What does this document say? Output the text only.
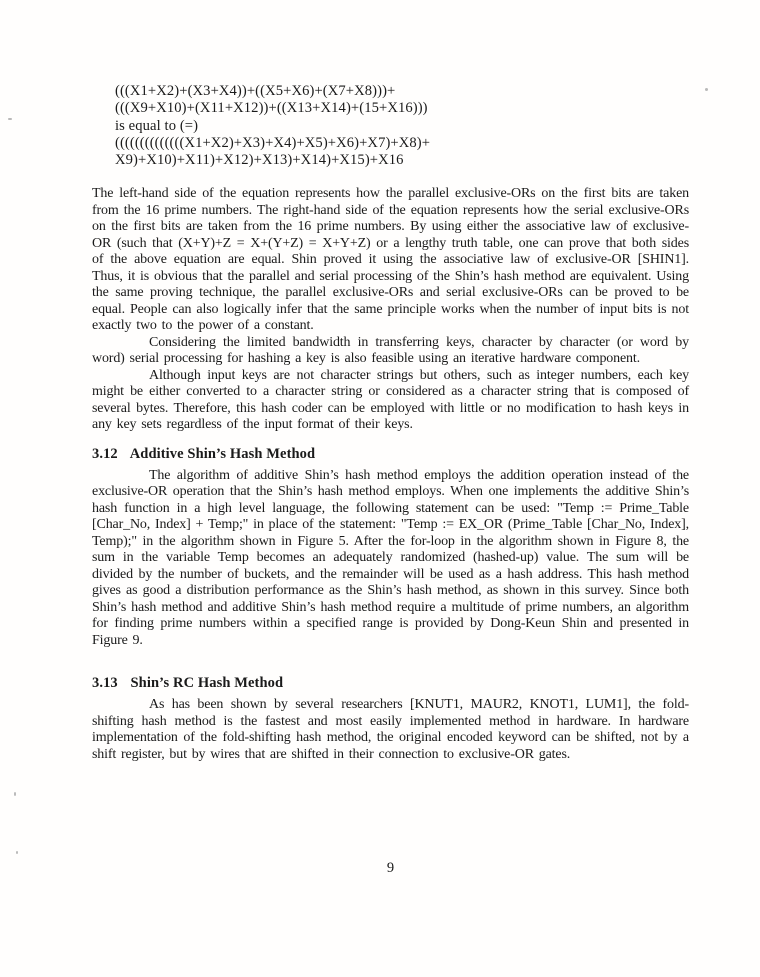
(((X1+X2)+(X3+X4))+((X5+X6)+(X7+X8)))+
(((X9+X10)+(X11+X12))+((X13+X14)+(15+X16)))
is equal to (=)
((((((((((((((X1+X2)+X3)+X4)+X5)+X6)+X7)+X8)+
X9)+X10)+X11)+X12)+X13)+X14)+X15)+X16

The left-hand side of the equation represents how the parallel exclusive-ORs on the first bits are taken from the 16 prime numbers. The right-hand side of the equation represents how the serial exclusive-ORs on the first bits are taken from the 16 prime numbers. By using either the associative law of exclusive-OR (such that (X+Y)+Z = X+(Y+Z) = X+Y+Z) or a lengthy truth table, one can prove that both sides of the above equation are equal. Shin proved it using the associative law of exclusive-OR [SHIN1]. Thus, it is obvious that the parallel and serial processing of the Shin’s hash method are equivalent. Using the same proving technique, the parallel exclusive-ORs and serial exclusive-ORs can be proved to be equal. People can also logically infer that the same principle works when the number of input bits is not exactly two to the power of a constant.

Considering the limited bandwidth in transferring keys, character by character (or word by word) serial processing for hashing a key is also feasible using an iterative hardware component.

Although input keys are not character strings but others, such as integer numbers, each key might be either converted to a character string or considered as a character string that is composed of several bytes. Therefore, this hash coder can be employed with little or no modification to hash keys in any key sets regardless of the input format of their keys.

3.12 Additive Shin’s Hash Method

The algorithm of additive Shin’s hash method employs the addition operation instead of the exclusive-OR operation that the Shin’s hash method employs. When one implements the additive Shin’s hash function in a high level language, the following statement can be used: "Temp := Prime_Table [Char_No, Index] + Temp;" in place of the statement: "Temp := EX_OR (Prime_Table [Char_No, Index], Temp);" in the algorithm shown in Figure 5. After the for-loop in the algorithm shown in Figure 8, the sum in the variable Temp becomes an adequately randomized (hashed-up) value. The sum will be divided by the number of buckets, and the remainder will be used as a hash address. This hash method gives as good a distribution performance as the Shin’s hash method, as shown in this survey. Since both Shin’s hash method and additive Shin’s hash method require a multitude of prime numbers, an algorithm for finding prime numbers within a specified range is provided by Dong-Keun Shin and presented in Figure 9.

3.13 Shin’s RC Hash Method

As has been shown by several researchers [KNUT1, MAUR2, KNOT1, LUM1], the fold-shifting hash method is the fastest and most easily implemented method in hardware. In hardware implementation of the fold-shifting hash method, the original encoded keyword can be shifted, not by a shift register, but by wires that are shifted in their connection to exclusive-OR gates.

9
